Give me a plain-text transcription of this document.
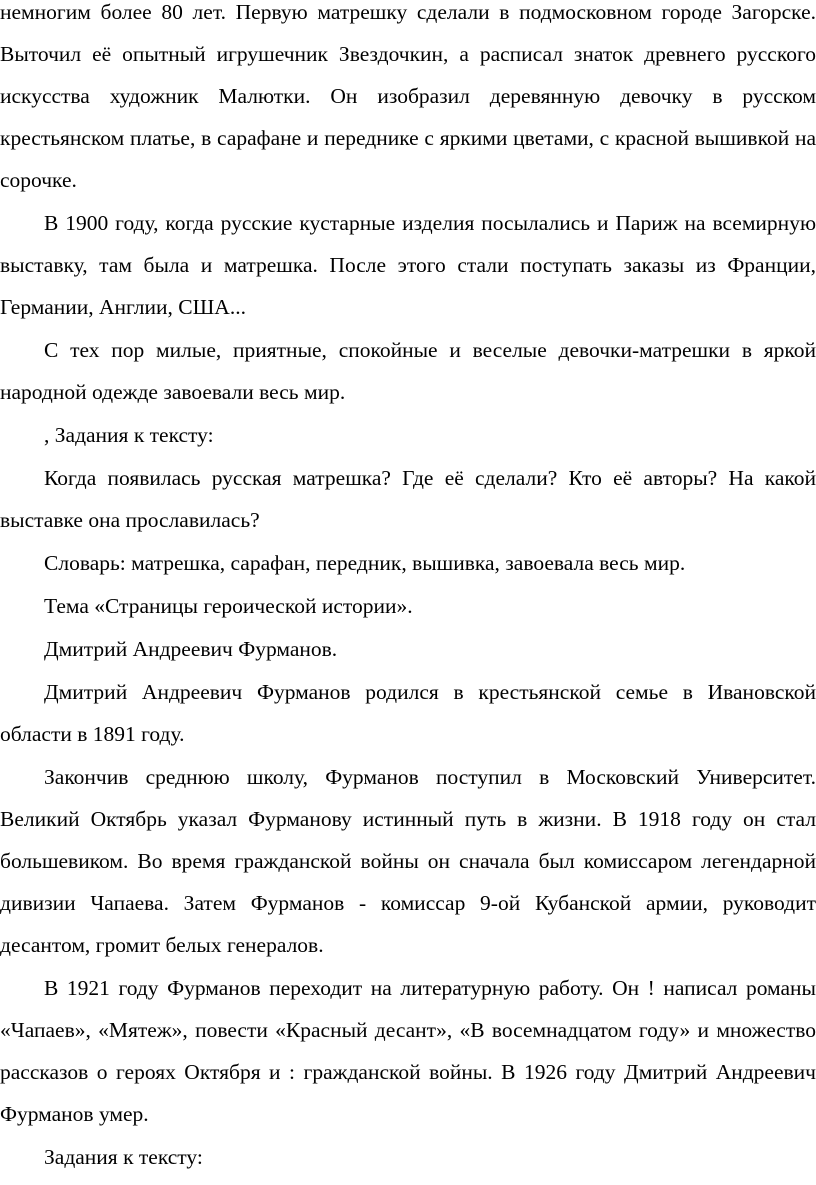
немногим более 80 лет. Первую матрешку сделали в подмосковном городе Загорске. Выточил её опытный игрушечник Звездочкин, а расписал знаток древнего русского искусства художник Малютки. Он изобразил деревянную девочку в русском крестьянском платье, в сарафане и переднике с яркими цветами, с красной вышивкой на сорочке.

В 1900 году, когда русские кустарные изделия посылались и Париж на всемирную выставку, там была и матрешка. После этого стали поступать заказы из Франции, Германии, Англии, США...

С тех пор милые, приятные, спокойные и веселые девочки-матрешки в яркой народной одежде завоевали весь мир.

, Задания к тексту:

Когда появилась русская матрешка? Где её сделали? Кто её авторы? На какой выставке она прославилась?

Словарь: матрешка, сарафан, передник, вышивка, завоевала весь мир.

Тема «Страницы героической истории».

Дмитрий Андреевич Фурманов.

Дмитрий Андреевич Фурманов родился в крестьянской семье в Ивановской области в 1891 году.

Закончив среднюю школу, Фурманов поступил в Московский Университет. Великий Октябрь указал Фурманову истинный путь в жизни. В 1918 году он стал большевиком. Во время гражданской войны он сначала был комиссаром легендарной дивизии Чапаева. Затем Фурманов - комиссар 9-ой Кубанской армии, руководит десантом, громит белых генералов.

В 1921 году Фурманов переходит на литературную работу. Он ! написал романы «Чапаев», «Мятеж», повести «Красный десант», «В восемнадцатом году» и множество рассказов о героях Октября и : гражданской войны. В 1926 году Дмитрий Андреевич Фурманов умер.

Задания к тексту:
